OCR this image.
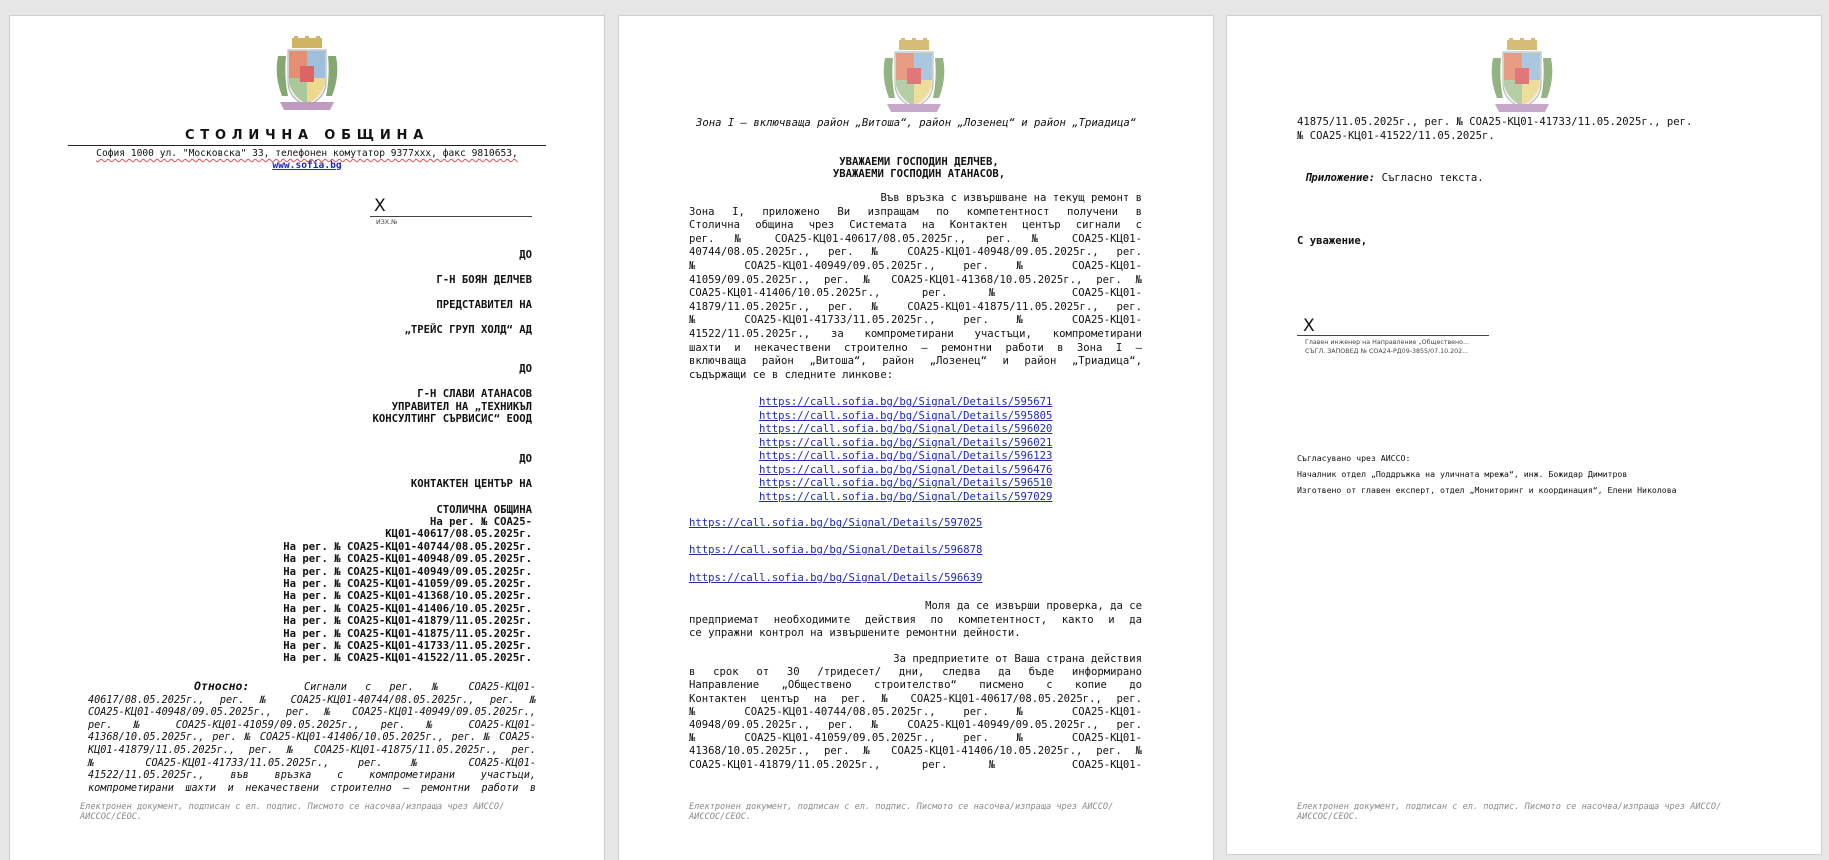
СТОЛИЧНА ОБЩИНА
София 1000 ул. "Московска" 33, телефонен комутатор 9377ххх, факс 9810653,
www.sofia.bg
X
ИЗХ.№
ДО
Г-Н БОЯН ДЕЛЧЕВ
ПРЕДСТАВИТЕЛ НА
„ТРЕЙС ГРУП ХОЛД“ АД
ДО
Г-Н СЛАВИ АТАНАСОВ
УПРАВИТЕЛ НА „ТЕХНИКЪЛ
КОНСУЛТИНГ СЪРВИСИС“ ЕООД
ДО
КОНТАКТЕН ЦЕНТЪР НА
СТОЛИЧНА ОБЩИНА
На рег. № СОА25-
КЦ01-40617/08.05.2025г.
На рег. № СОА25-КЦ01-40744/08.05.2025г.
На рег. № СОА25-КЦ01-40948/09.05.2025г.
На рег. № СОА25-КЦ01-40949/09.05.2025г.
На рег. № СОА25-КЦ01-41059/09.05.2025г.
На рег. № СОА25-КЦ01-41368/10.05.2025г.
На рег. № СОА25-КЦ01-41406/10.05.2025г.
На рег. № СОА25-КЦ01-41879/11.05.2025г.
На рег. № СОА25-КЦ01-41875/11.05.2025г.
На рег. № СОА25-КЦ01-41733/11.05.2025г.
На рег. № СОА25-КЦ01-41522/11.05.2025г.
Относно:	Сигнали с рег. № СОА25-КЦ01-
40617/08.05.2025г., рег. № СОА25-КЦ01-40744/08.05.2025г., рег. №
СОА25-КЦ01-40948/09.05.2025г., рег. № СОА25-КЦ01-40949/09.05.2025г.,
рег. № СОА25-КЦ01-41059/09.05.2025г., рег. № СОА25-КЦ01-
41368/10.05.2025г., рег. № СОА25-КЦ01-41406/10.05.2025г., рег. № СОА25-
КЦ01-41879/11.05.2025г., рег. № СОА25-КЦ01-41875/11.05.2025г., рег.
№ СОА25-КЦ01-41733/11.05.2025г., рег. № СОА25-КЦ01-
41522/11.05.2025г., във връзка с компрометирани участъци,
компрометирани шахти и некачествени строително – ремонтни работи в
Електронен документ, подписан с ел. подпис. Писмото се насочва/изпраща чрез АИССО/АИССОС/СЕОС.
Зона I – включваща район „Витоша“, район „Лозенец“ и район „Триадица“
УВАЖАЕМИ ГОСПОДИН ДЕЛЧЕВ,
УВАЖАЕМИ ГОСПОДИН АТАНАСОВ,
Във връзка с извършване на текущ ремонт в
Зона I, приложено Ви изпращам по компетентност получени в
Столична община чрез Системата на Контактен център сигнали с
рег. № СОА25-КЦ01-40617/08.05.2025г., рег. № СОА25-КЦ01-
40744/08.05.2025г., рег. № СОА25-КЦ01-40948/09.05.2025г., рег.
№ СОА25-КЦ01-40949/09.05.2025г., рег. № СОА25-КЦ01-
41059/09.05.2025г., рег. № СОА25-КЦ01-41368/10.05.2025г., рег. №
СОА25-КЦ01-41406/10.05.2025г., рег. № СОА25-КЦ01-
41879/11.05.2025г., рег. № СОА25-КЦ01-41875/11.05.2025г., рег.
№ СОА25-КЦ01-41733/11.05.2025г., рег. № СОА25-КЦ01-
41522/11.05.2025г., за компрометирани участъци, компрометирани
шахти и некачествени строително – ремонтни работи в Зона I –
включваща район „Витоша“, район „Лозенец“ и район „Триадица“,
съдържащи се в следните линкове:
https://call.sofia.bg/bg/Signal/Details/595671
https://call.sofia.bg/bg/Signal/Details/595805
https://call.sofia.bg/bg/Signal/Details/596020
https://call.sofia.bg/bg/Signal/Details/596021
https://call.sofia.bg/bg/Signal/Details/596123
https://call.sofia.bg/bg/Signal/Details/596476
https://call.sofia.bg/bg/Signal/Details/596510
https://call.sofia.bg/bg/Signal/Details/597029
https://call.sofia.bg/bg/Signal/Details/597025
https://call.sofia.bg/bg/Signal/Details/596878
https://call.sofia.bg/bg/Signal/Details/596639
Моля да се извърши проверка, да се
предприемат необходимите действия по компетентност, както и да
се упражни контрол на извършените ремонтни дейности.
За предприетите от Ваша страна действия
в срок от 30 /тридесет/ дни, следва да бъде информирано
Направление „Обществено строителство“ писмено с копие до
Контактен център на рег. № СОА25-КЦ01-40617/08.05.2025г., рег.
№ СОА25-КЦ01-40744/08.05.2025г., рег. № СОА25-КЦ01-
40948/09.05.2025г., рег. № СОА25-КЦ01-40949/09.05.2025г., рег.
№ СОА25-КЦ01-41059/09.05.2025г., рег. № СОА25-КЦ01-
41368/10.05.2025г., рег. № СОА25-КЦ01-41406/10.05.2025г., рег. №
СОА25-КЦ01-41879/11.05.2025г., рег. № СОА25-КЦ01-
Електронен документ, подписан с ел. подпис. Писмото се насочва/изпраща чрез АИССО/АИССОС/СЕОС.
41875/11.05.2025г., рег. № СОА25-КЦ01-41733/11.05.2025г., рег.
№ СОА25-КЦ01-41522/11.05.2025г.
Приложение: Съгласно текста.
С уважение,
X
Главен инженер на Направление „Обществено...
СЪГЛ. ЗАПОВЕД № СОА24-РД09-3855/07.10.202...
Съгласувано чрез АИССО:
Началник отдел „Поддръжка на уличната мрежа“, инж. Божидар Димитров
Изготвено от главен експерт, отдел „Мониторинг и координация“, Елени Николова
Електронен документ, подписан с ел. подпис. Писмото се насочва/изпраща чрез АИССО/АИССОС/СЕОС.
